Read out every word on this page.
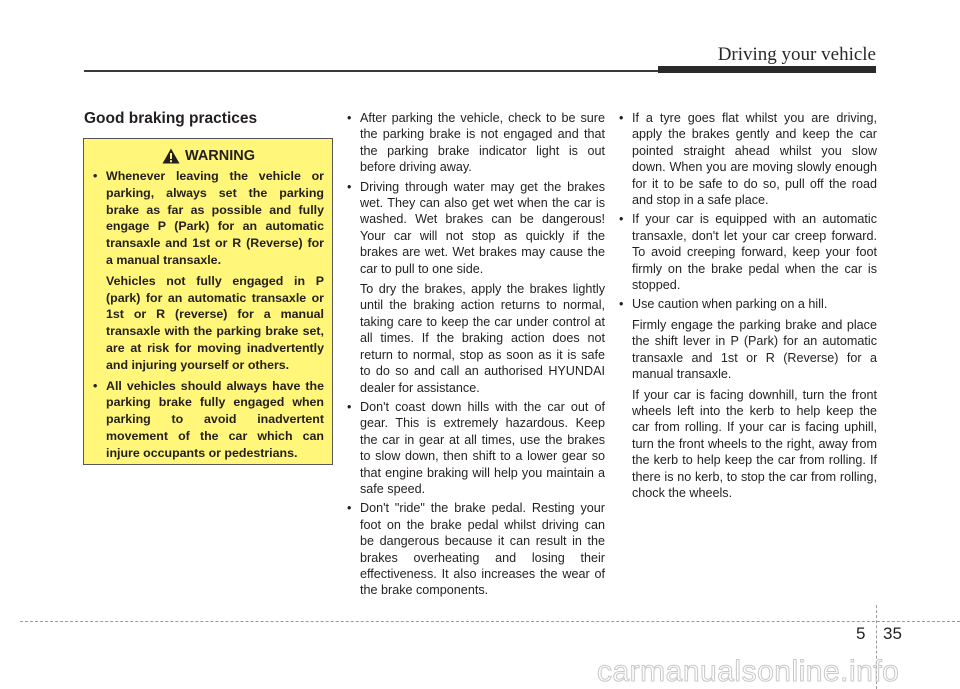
Driving your vehicle
Good braking practices
WARNING

• Whenever leaving the vehicle or parking, always set the parking brake as far as possible and fully engage P (Park) for an automatic transaxle and 1st or R (Reverse) for a manual transaxle.

Vehicles not fully engaged in P (park) for an automatic transaxle or 1st or R (reverse) for a manual transaxle with the parking brake set, are at risk for moving inadvertently and injuring yourself or others.

• All vehicles should always have the parking brake fully engaged when parking to avoid inadvertent movement of the car which can injure occupants or pedestrians.

• After parking the vehicle, check to be sure the parking brake is not engaged and that the parking brake indicator light is out before driving away.

• Driving through water may get the brakes wet. They can also get wet when the car is washed. Wet brakes can be dangerous! Your car will not stop as quickly if the brakes are wet. Wet brakes may cause the car to pull to one side.

To dry the brakes, apply the brakes lightly until the braking action returns to normal, taking care to keep the car under control at all times. If the braking action does not return to normal, stop as soon as it is safe to do so and call an authorised HYUNDAI dealer for assistance.

• Don't coast down hills with the car out of gear. This is extremely hazardous. Keep the car in gear at all times, use the brakes to slow down, then shift to a lower gear so that engine braking will help you maintain a safe speed.

• Don't "ride" the brake pedal. Resting your foot on the brake pedal whilst driving can be dangerous because it can result in the brakes overheating and losing their effectiveness. It also increases the wear of the brake components.

• If a tyre goes flat whilst you are driving, apply the brakes gently and keep the car pointed straight ahead whilst you slow down. When you are moving slowly enough for it to be safe to do so, pull off the road and stop in a safe place.

• If your car is equipped with an automatic transaxle, don't let your car creep forward. To avoid creeping forward, keep your foot firmly on the brake pedal when the car is stopped.

• Use caution when parking on a hill.

Firmly engage the parking brake and place the shift lever in P (Park) for an automatic transaxle and 1st or R (Reverse) for a manual transaxle.

If your car is facing downhill, turn the front wheels left into the kerb to help keep the car from rolling. If your car is facing uphill, turn the front wheels to the right, away from the kerb to help keep the car from rolling. If there is no kerb, to stop the car from rolling, chock the wheels.

5 35
carmanualsonline.info
